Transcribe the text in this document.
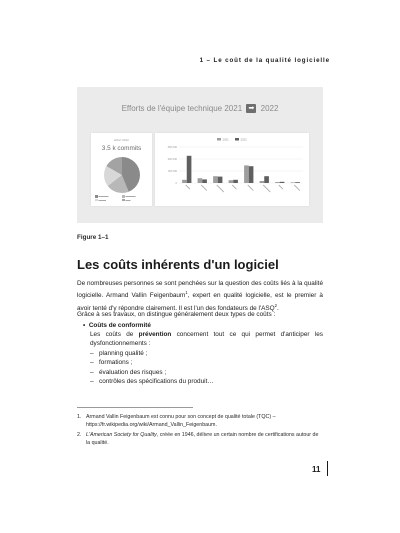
1 – Le coût de la qualité logicielle
Efforts de l'équipe technique 2021 ➡ 2022
Effort 2022
3.5 k commits
▬▬▬▬	▬▬▬▬
▬▬▬	▬▬
2021	2022
450 000
300 000
150 000
0
Figure 1–1
Les coûts inhérents d'un logiciel
De nombreuses personnes se sont penchées sur la question des coûts liés à la qualité logicielle. Armand Vallin Feigenbaum$^1$, expert en qualité logicielle, est le premier à avoir tenté d'y répondre clairement. Il est l'un des fondateurs de l'ASQ$^2$.
Grâce à ses travaux, on distingue généralement deux types de coûts :
• Coûts de conformité
Les coûts de prévention concernent tout ce qui permet d'anticiper les dysfonctionnements :
– planning qualité ;
– formations ;
– évaluation des risques ;
– contrôles des spécifications du produit…
1. Armand Vallin Feigenbaum est connu pour son concept de qualité totale (TQC) – https://fr.wikipedia.org/wiki/Armand_Vallin_Feigenbaum.
2. L'American Society for Quality, créée en 1946, délivre un certain nombre de certifications autour de la qualité.
11
